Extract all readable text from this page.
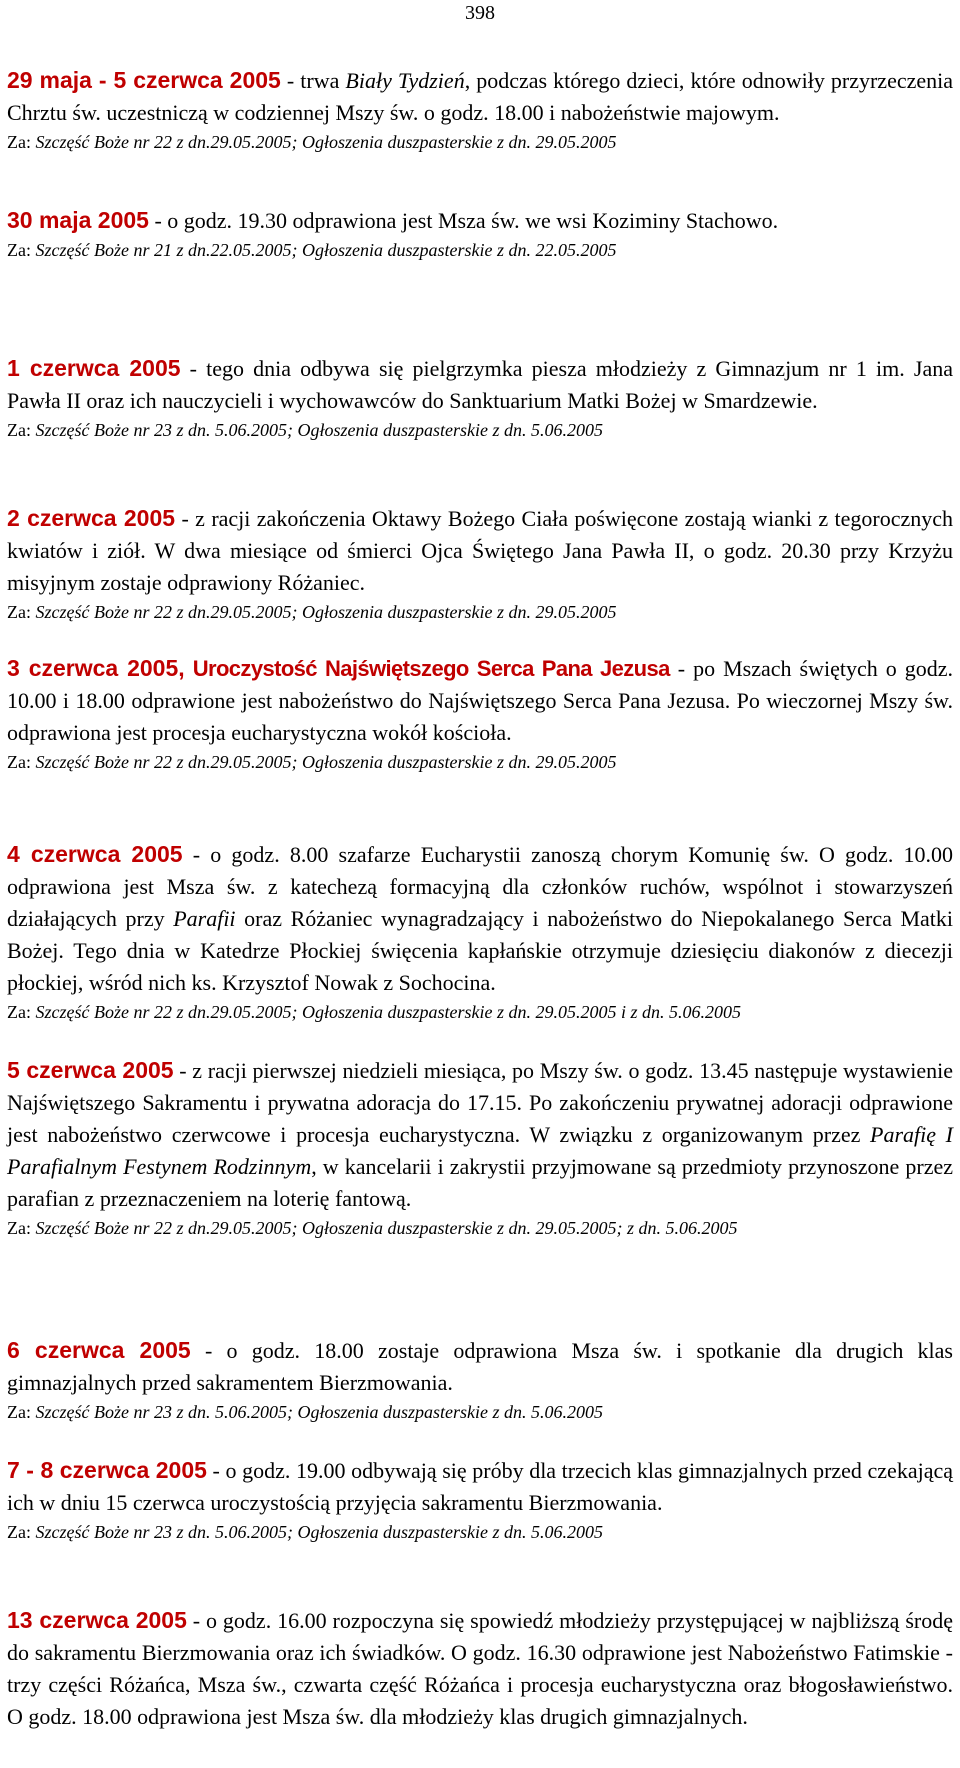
398

29 maja - 5 czerwca 2005 - trwa Biały Tydzień, podczas którego dzieci, które odnowiły przyrzeczenia Chrztu św. uczestniczą w codziennej Mszy św. o godz. 18.00 i nabożeństwie majowym.

Za: Szczęść Boże nr 22 z dn.29.05.2005; Ogłoszenia duszpasterskie z dn. 29.05.2005

30 maja 2005 - o godz. 19.30 odprawiona jest Msza św. we wsi Koziminy Stachowo.

Za: Szczęść Boże nr 21 z dn.22.05.2005; Ogłoszenia duszpasterskie z dn. 22.05.2005

1 czerwca 2005 - tego dnia odbywa się pielgrzymka piesza młodzieży z Gimnazjum nr 1 im. Jana Pawła II oraz ich nauczycieli i wychowawców do Sanktuarium Matki Bożej w Smardzewie.

Za: Szczęść Boże nr 23 z dn. 5.06.2005; Ogłoszenia duszpasterskie z dn. 5.06.2005

2 czerwca 2005 - z racji zakończenia Oktawy Bożego Ciała poświęcone zostają wianki z tegorocznych kwiatów i ziół. W dwa miesiące od śmierci Ojca Świętego Jana Pawła II, o godz. 20.30 przy Krzyżu misyjnym zostaje odprawiony Różaniec.

Za: Szczęść Boże nr 22 z dn.29.05.2005; Ogłoszenia duszpasterskie z dn. 29.05.2005

3 czerwca 2005, Uroczystość Najświętszego Serca Pana Jezusa - po Mszach świętych o godz. 10.00 i 18.00 odprawione jest nabożeństwo do Najświętszego Serca Pana Jezusa. Po wieczornej Mszy św. odprawiona jest procesja eucharystyczna wokół kościoła.

Za: Szczęść Boże nr 22 z dn.29.05.2005; Ogłoszenia duszpasterskie z dn. 29.05.2005

4 czerwca 2005 - o godz. 8.00 szafarze Eucharystii zanoszą chorym Komunię św. O godz. 10.00 odprawiona jest Msza św. z katechezą formacyjną dla członków ruchów, wspólnot i stowarzyszeń działających przy Parafii oraz Różaniec wynagradzający i nabożeństwo do Niepokalanego Serca Matki Bożej. Tego dnia w Katedrze Płockiej święcenia kapłańskie otrzymuje dziesięciu diakonów z diecezji płockiej, wśród nich ks. Krzysztof Nowak z Sochocina.

Za: Szczęść Boże nr 22 z dn.29.05.2005; Ogłoszenia duszpasterskie z dn. 29.05.2005 i z dn. 5.06.2005

5 czerwca 2005 - z racji pierwszej niedzieli miesiąca, po Mszy św. o godz. 13.45 następuje wystawienie Najświętszego Sakramentu i prywatna adoracja do 17.15. Po zakończeniu prywatnej adoracji odprawione jest nabożeństwo czerwcowe i procesja eucharystyczna. W związku z organizowanym przez Parafię I Parafialnym Festynem Rodzinnym, w kancelarii i zakrystii przyjmowane są przedmioty przynoszone przez parafian z przeznaczeniem na loterię fantową.

Za: Szczęść Boże nr 22 z dn.29.05.2005; Ogłoszenia duszpasterskie z dn. 29.05.2005; z dn. 5.06.2005

6 czerwca 2005 - o godz. 18.00 zostaje odprawiona Msza św. i spotkanie dla drugich klas gimnazjalnych przed sakramentem Bierzmowania.

Za: Szczęść Boże nr 23 z dn. 5.06.2005; Ogłoszenia duszpasterskie z dn. 5.06.2005

7 - 8 czerwca 2005 - o godz. 19.00 odbywają się próby dla trzecich klas gimnazjalnych przed czekającą ich w dniu 15 czerwca uroczystością przyjęcia sakramentu Bierzmowania.

Za: Szczęść Boże nr 23 z dn. 5.06.2005; Ogłoszenia duszpasterskie z dn. 5.06.2005

13 czerwca 2005 - o godz. 16.00 rozpoczyna się spowiedź młodzieży przystępującej w najbliższą środę do sakramentu Bierzmowania oraz ich świadków. O godz. 16.30 odprawione jest Nabożeństwo Fatimskie - trzy części Różańca, Msza św., czwarta część Różańca i procesja eucharystyczna oraz błogosławieństwo. O godz. 18.00 odprawiona jest Msza św. dla młodzieży klas drugich gimnazjalnych.
